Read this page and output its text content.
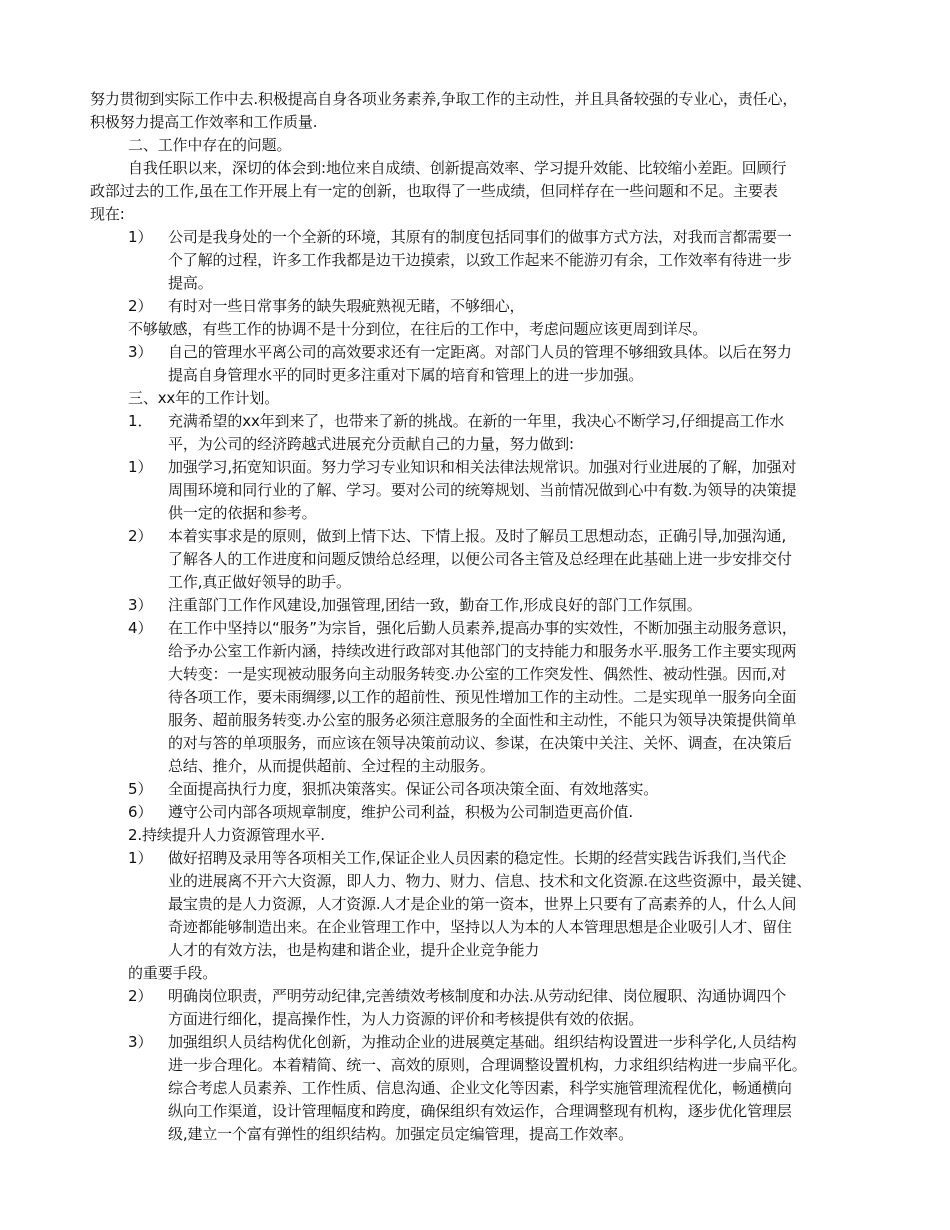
努力贯彻到实际工作中去.积极提高自身各项业务素养,争取工作的主动性，并且具备较强的专业心，责任心，
积极努力提高工作效率和工作质量.
二、工作中存在的问题。
自我任职以来，深切的体会到:地位来自成绩、创新提高效率、学习提升效能、比较缩小差距。回顾行
政部过去的工作,虽在工作开展上有一定的创新，也取得了一些成绩，但同样存在一些问题和不足。主要表
现在:
1） 公司是我身处的一个全新的环境，其原有的制度包括同事们的做事方式方法，对我而言都需要一
个了解的过程，许多工作我都是边干边摸索，以致工作起来不能游刃有余，工作效率有待进一步
提高。
2） 有时对一些日常事务的缺失瑕疵熟视无睹，不够细心，
不够敏感，有些工作的协调不是十分到位，在往后的工作中，考虑问题应该更周到详尽。
3） 自己的管理水平离公司的高效要求还有一定距离。对部门人员的管理不够细致具体。以后在努力
提高自身管理水平的同时更多注重对下属的培育和管理上的进一步加强。
三、xx年的工作计划。
1． 充满希望的xx年到来了，也带来了新的挑战。在新的一年里，我决心不断学习,仔细提高工作水
平，为公司的经济跨越式进展充分贡献自己的力量，努力做到:
1） 加强学习,拓宽知识面。努力学习专业知识和相关法律法规常识。加强对行业进展的了解，加强对
周围环境和同行业的了解、学习。要对公司的统筹规划、当前情况做到心中有数.为领导的决策提
供一定的依据和参考。
2） 本着实事求是的原则，做到上情下达、下情上报。及时了解员工思想动态，正确引导,加强沟通,
了解各人的工作进度和问题反馈给总经理，以便公司各主管及总经理在此基础上进一步安排交付
工作,真正做好领导的助手。
3） 注重部门工作作风建设,加强管理,团结一致，勤奋工作,形成良好的部门工作氛围。
4） 在工作中坚持以“服务”为宗旨，强化后勤人员素养,提高办事的实效性，不断加强主动服务意识，
给予办公室工作新内涵，持续改进行政部对其他部门的支持能力和服务水平.服务工作主要实现两
大转变：一是实现被动服务向主动服务转变.办公室的工作突发性、偶然性、被动性强。因而,对
待各项工作，要未雨绸缪,以工作的超前性、预见性增加工作的主动性。二是实现单一服务向全面
服务、超前服务转变.办公室的服务必须注意服务的全面性和主动性，不能只为领导决策提供简单
的对与答的单项服务，而应该在领导决策前动议、参谋，在决策中关注、关怀、调查，在决策后
总结、推介，从而提供超前、全过程的主动服务。
5） 全面提高执行力度，狠抓决策落实。保证公司各项决策全面、有效地落实。
6） 遵守公司内部各项规章制度，维护公司利益，积极为公司制造更高价值.
2.持续提升人力资源管理水平.
1） 做好招聘及录用等各项相关工作,保证企业人员因素的稳定性。长期的经营实践告诉我们,当代企
业的进展离不开六大资源，即人力、物力、财力、信息、技术和文化资源.在这些资源中，最关键、
最宝贵的是人力资源，人才资源.人才是企业的第一资本，世界上只要有了高素养的人，什么人间
奇迹都能够制造出来。在企业管理工作中，坚持以人为本的人本管理思想是企业吸引人才、留住
人才的有效方法，也是构建和谐企业，提升企业竞争能力
的重要手段。
2） 明确岗位职责，严明劳动纪律,完善绩效考核制度和办法.从劳动纪律、岗位履职、沟通协调四个
方面进行细化，提高操作性，为人力资源的评价和考核提供有效的依据。
3） 加强组织人员结构优化创新，为推动企业的进展奠定基础。组织结构设置进一步科学化,人员结构
进一步合理化。本着精简、统一、高效的原则，合理调整设置机构，力求组织结构进一步扁平化。
综合考虑人员素养、工作性质、信息沟通、企业文化等因素，科学实施管理流程优化，畅通横向
纵向工作渠道，设计管理幅度和跨度，确保组织有效运作，合理调整现有机构，逐步优化管理层
级,建立一个富有弹性的组织结构。加强定员定编管理，提高工作效率。
